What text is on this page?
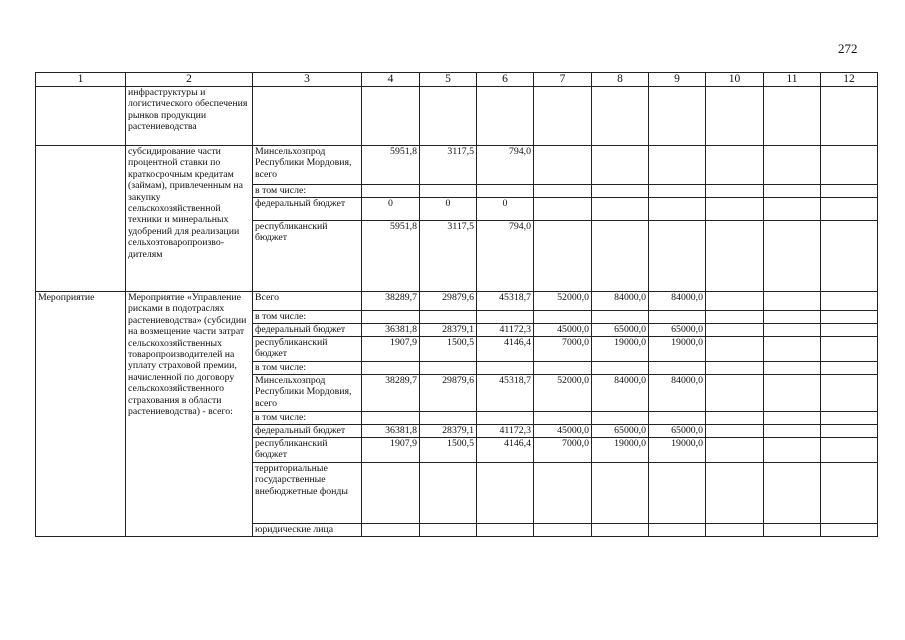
272
1	2	3	4	5	6	7	8	9	10	11	12
	инфраструктуры и логистического обеспечения рынков продукции растениеводства										
	субсидирование части процентной ставки по краткосрочным кредитам (займам), привлеченным на закупку сельскохозяйственной техники и минеральных удобрений для реализации сельхозтоваропроизво- дителям	Минсельхозпрод Республики Мордовия, всего	5951,8	3117,5	794,0						
		в том числе:									
		федеральный бюджет	0	0	0						
		республиканский бюджет	5951,8	3117,5	794,0						
Мероприятие	Мероприятие «Управление рисками в подотраслях растениеводства» (субсидии на возмещение части затрат сельскохозяйственных товаропроизводителей на уплату страховой премии, начисленной по договору сельскохозяйственного страхования в области растениеводства) - всего:	Всего	38289,7	29879,6	45318,7	52000,0	84000,0	84000,0			
		в том числе:									
		федеральный бюджет	36381,8	28379,1	41172,3	45000,0	65000,0	65000,0			
		республиканский бюджет	1907,9	1500,5	4146,4	7000,0	19000,0	19000,0			
		в том числе:									
		Минсельхозпрод Республики Мордовия, всего	38289,7	29879,6	45318,7	52000,0	84000,0	84000,0			
		в том числе:									
		федеральный бюджет	36381,8	28379,1	41172,3	45000,0	65000,0	65000,0			
		республиканский бюджет	1907,9	1500,5	4146,4	7000,0	19000,0	19000,0			
		территориальные государственные внебюджетные фонды									
		юридические лица									
